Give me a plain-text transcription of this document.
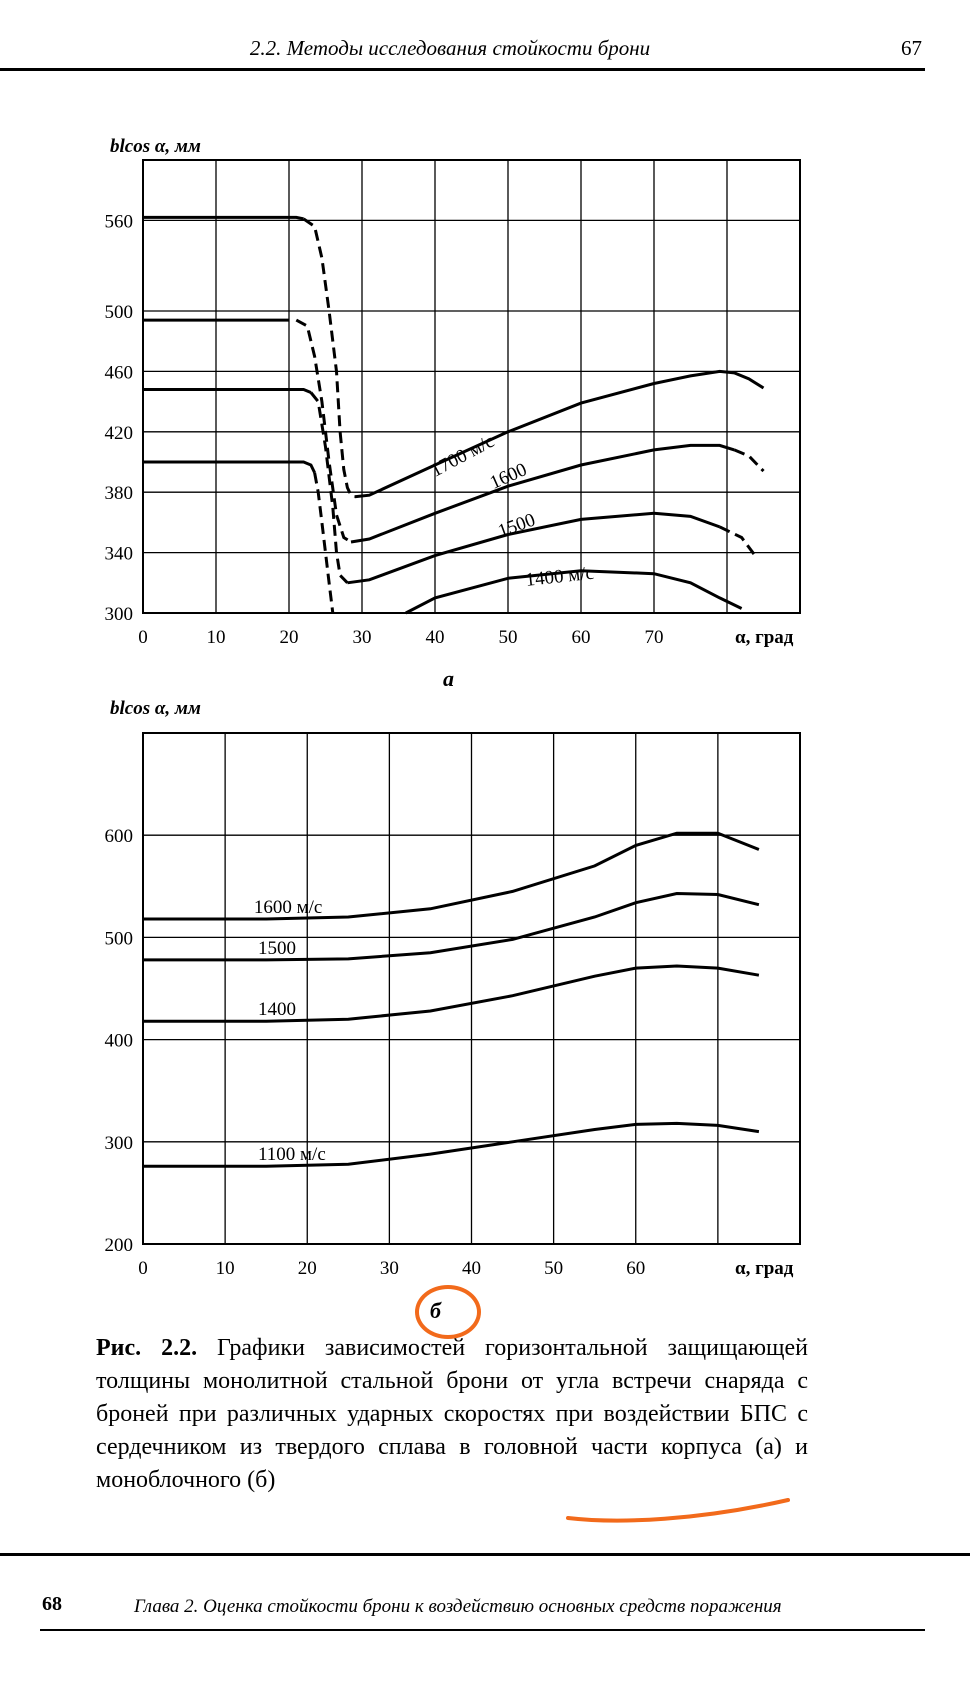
2.2. Методы исследования стойкости брони	67
0	10	20	30	40	50	60	70
300
340
380
420
460
500
560
blcos α, мм
α, град
1700 м/с
1600
1500
1400 м/с
а
0	10	20	30	40	50	60
200
300
400
500
600
blcos α, мм
α, град
1600 м/с
1500
1400
1100 м/с
б
Рис. 2.2. Графики зависимостей горизонтальной защищающей толщины монолитной стальной брони от угла встречи снаряда с броней при различных ударных скоростях при воздействии БПС с сердечником из твердого сплава в головной части корпуса (а) и моноблочного (б)
68	Глава 2. Оценка стойкости брони к воздействию основных средств поражения
